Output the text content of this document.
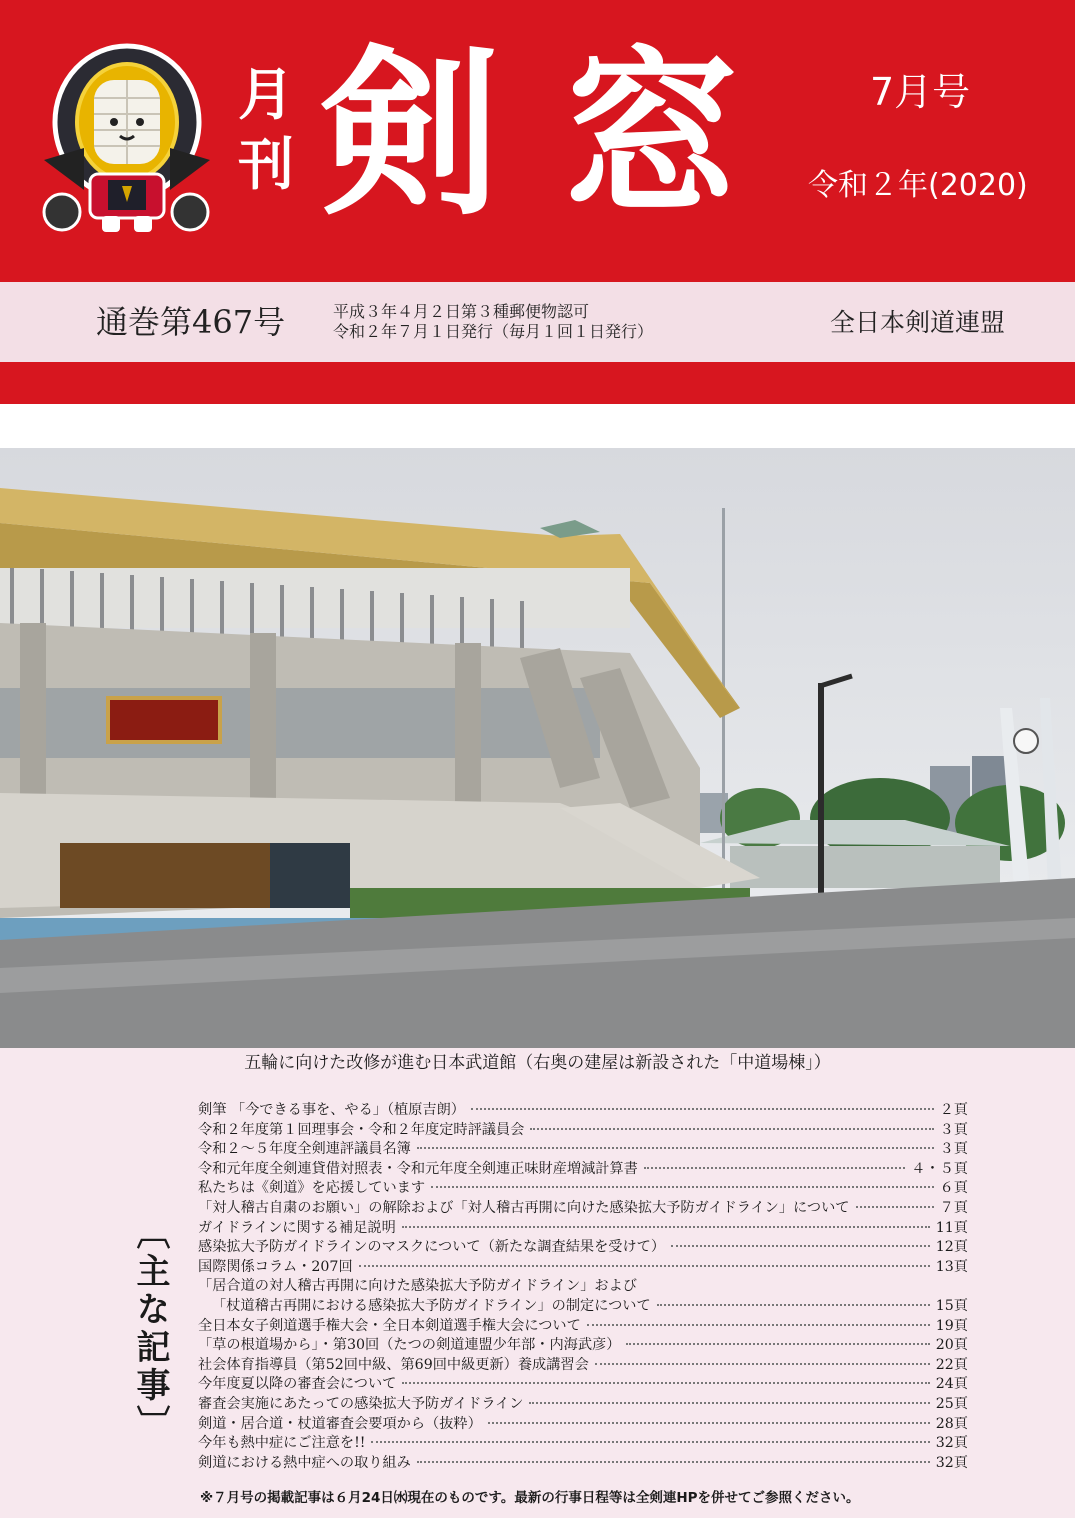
月刊 剣窓 7月号
令和２年(2020)
通巻第467号	平成３年４月２日第３種郵便物認可
令和２年７月１日発行（毎月１回１日発行）	全日本剣道連盟
五輪に向けた改修が進む日本武道館（右奥の建屋は新設された「中道場棟」）
〔主な記事〕
剣筆 「今できる事を、やる」（植原吉朗）	２頁
令和２年度第１回理事会・令和２年度定時評議員会	３頁
令和２～５年度全剣連評議員名簿	３頁
令和元年度全剣連貸借対照表・令和元年度全剣連正味財産増減計算書	４・５頁
私たちは《剣道》を応援しています	６頁
「対人稽古自粛のお願い」の解除および「対人稽古再開に向けた感染拡大予防ガイドライン」について	７頁
ガイドラインに関する補足説明	11頁
感染拡大予防ガイドラインのマスクについて（新たな調査結果を受けて）	12頁
国際関係コラム・207回	13頁
「居合道の対人稽古再開に向けた感染拡大予防ガイドライン」および
「杖道稽古再開における感染拡大予防ガイドライン」の制定について	15頁
全日本女子剣道選手権大会・全日本剣道選手権大会について	19頁
「草の根道場から」・第30回（たつの剣道連盟少年部・内海武彦）	20頁
社会体育指導員（第52回中級、第69回中級更新）養成講習会	22頁
今年度夏以降の審査会について	24頁
審査会実施にあたっての感染拡大予防ガイドライン	25頁
剣道・居合道・杖道審査会要項から（抜粋）	28頁
今年も熱中症にご注意を!!	32頁
剣道における熱中症への取り組み	32頁
※７月号の掲載記事は６月24日㈬現在のものです。最新の行事日程等は全剣連HPを併せてご参照ください。
